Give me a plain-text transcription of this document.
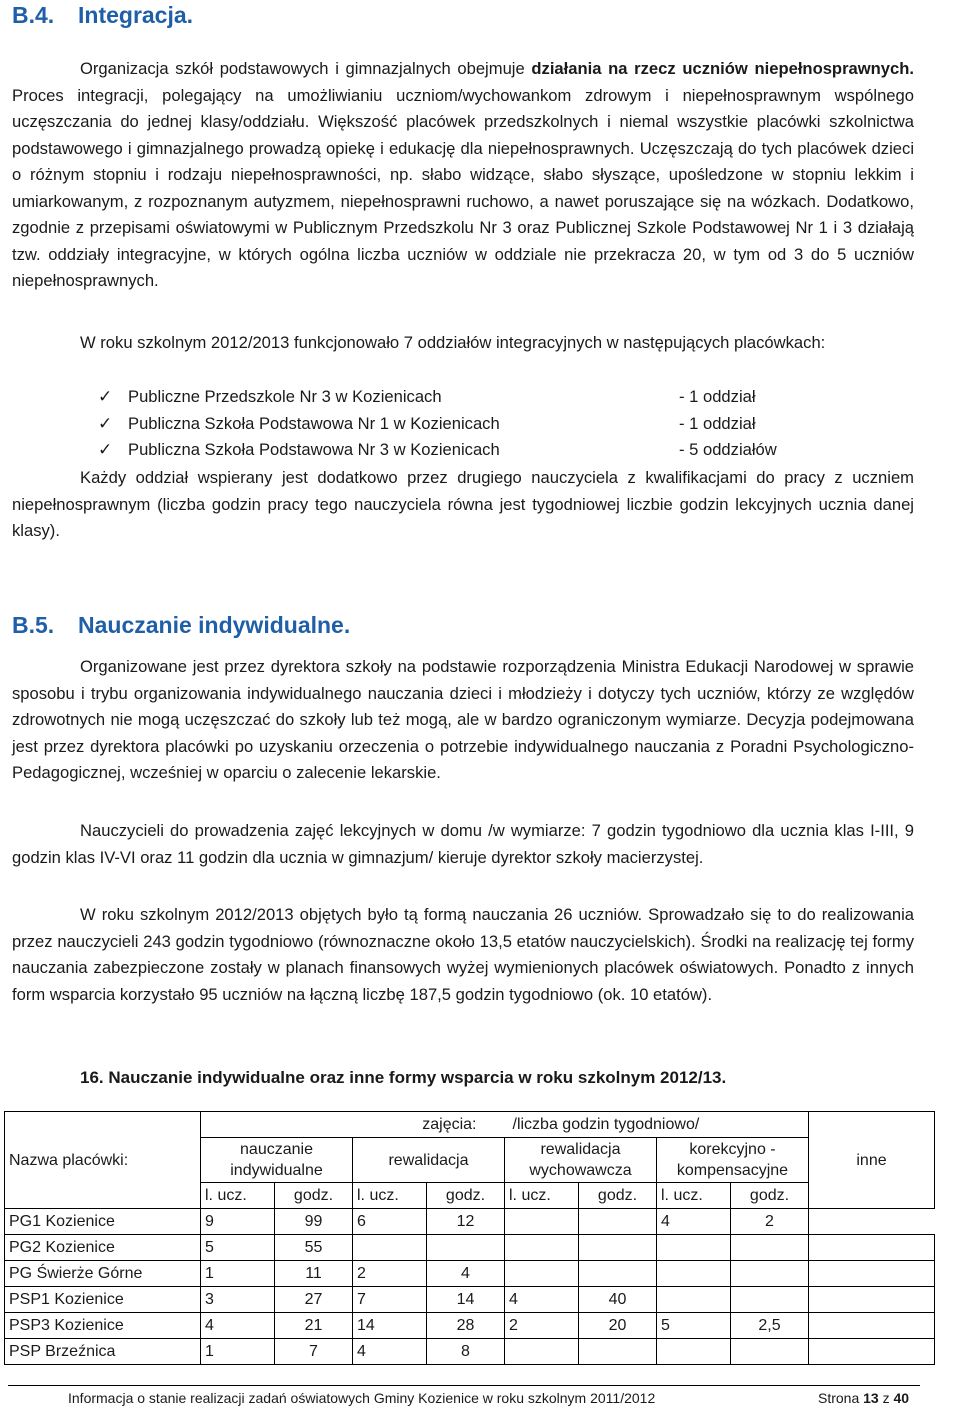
B.4. Integracja.

Organizacja szkół podstawowych i gimnazjalnych obejmuje działania na rzecz uczniów niepełnosprawnych. Proces integracji, polegający na umożliwianiu uczniom/wychowankom zdrowym i niepełnosprawnym wspólnego uczęszczania do jednej klasy/oddziału. Większość placówek przedszkolnych i niemal wszystkie placówki szkolnictwa podstawowego i gimnazjalnego prowadzą opiekę i edukację dla niepełnosprawnych. Uczęszczają do tych placówek dzieci o różnym stopniu i rodzaju niepełnosprawności, np. słabo widzące, słabo słyszące, upośledzone w stopniu lekkim i umiarkowanym, z rozpoznanym autyzmem, niepełnosprawni ruchowo, a nawet poruszające się na wózkach. Dodatkowo, zgodnie z przepisami oświatowymi w Publicznym Przedszkolu Nr 3 oraz Publicznej Szkole Podstawowej Nr 1 i 3 działają tzw. oddziały integracyjne, w których ogólna liczba uczniów w oddziale nie przekracza 20, w tym od 3 do 5 uczniów niepełnosprawnych.

W roku szkolnym 2012/2013 funkcjonowało 7 oddziałów integracyjnych w następujących placówkach:

✓ Publiczne Przedszkole Nr 3 w Kozienicach	- 1 oddział
✓ Publiczna Szkoła Podstawowa Nr 1 w Kozienicach	- 1 oddział
✓ Publiczna Szkoła Podstawowa Nr 3 w Kozienicach	- 5 oddziałów

Każdy oddział wspierany jest dodatkowo przez drugiego nauczyciela z kwalifikacjami do pracy z uczniem niepełnosprawnym (liczba godzin pracy tego nauczyciela równa jest tygodniowej liczbie godzin lekcyjnych ucznia danej klasy).

B.5. Nauczanie indywidualne.

Organizowane jest przez dyrektora szkoły na podstawie rozporządzenia Ministra Edukacji Narodowej w sprawie sposobu i trybu organizowania indywidualnego nauczania dzieci i młodzieży i dotyczy tych uczniów, którzy ze względów zdrowotnych nie mogą uczęszczać do szkoły lub też mogą, ale w bardzo ograniczonym wymiarze. Decyzja podejmowana jest przez dyrektora placówki po uzyskaniu orzeczenia o potrzebie indywidualnego nauczania z Poradni Psychologiczno-Pedagogicznej, wcześniej w oparciu o zalecenie lekarskie.

Nauczycieli do prowadzenia zajęć lekcyjnych w domu /w wymiarze: 7 godzin tygodniowo dla ucznia klas I-III, 9 godzin klas IV-VI oraz 11 godzin dla ucznia w gimnazjum/ kieruje dyrektor szkoły macierzystej.

W roku szkolnym 2012/2013 objętych było tą formą nauczania 26 uczniów. Sprowadzało się to do realizowania przez nauczycieli 243 godzin tygodniowo (równoznaczne około 13,5 etatów nauczycielskich). Środki na realizację tej formy nauczania zabezpieczone zostały w planach finansowych wyżej wymienionych placówek oświatowych. Ponadto z innych form wsparcia korzystało 95 uczniów na łączną liczbę 187,5 godzin tygodniowo (ok. 10 etatów).

16. Nauczanie indywidualne oraz inne formy wsparcia w roku szkolnym 2012/13.
Nazwa placówki:	zajęcia:				/liczba godzin tygodniowo/				inne
	nauczanie indywidualne		rewalidacja		rewalidacja wychowawcza		korekcyjno - kompensacyjne		
	l. ucz.	godz.	l. ucz.	godz.	l. ucz.	godz.	l. ucz.	godz.	
PG1 Kozienice	9	99	6	12			4	2	
PG2 Kozienice	5	55							
PG Świerże Górne	1	11	2	4					
PSP1 Kozienice	3	27	7	14	4	40			
PSP3 Kozienice	4	21	14	28	2	20	5	2,5	
PSP Brzeźnica	1	7	4	8					
Informacja o stanie realizacji zadań oświatowych Gminy Kozienice w roku szkolnym 2011/2012	Strona 13 z 40
